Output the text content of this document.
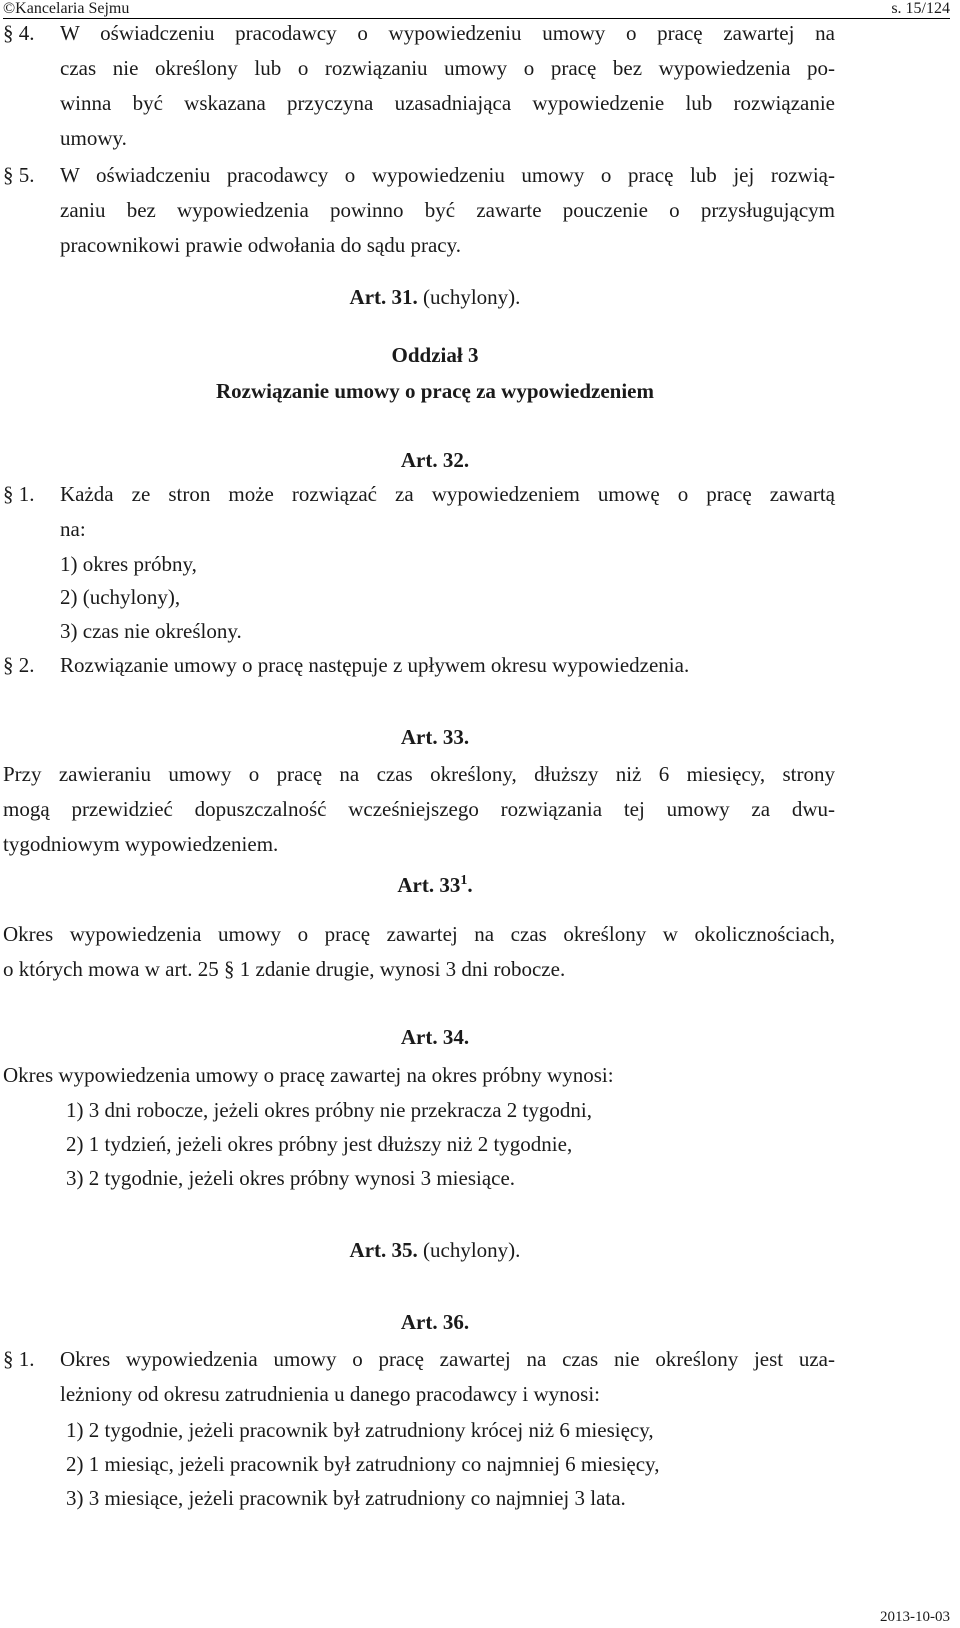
©Kancelaria Sejmu	s. 15/124
§ 4. W oświadczeniu pracodawcy o wypowiedzeniu umowy o pracę zawartej na
czas nie określony lub o rozwiązaniu umowy o pracę bez wypowiedzenia po-
winna być wskazana przyczyna uzasadniająca wypowiedzenie lub rozwiązanie
umowy.
§ 5. W oświadczeniu pracodawcy o wypowiedzeniu umowy o pracę lub jej rozwią-
zaniu bez wypowiedzenia powinno być zawarte pouczenie o przysługującym
pracownikowi prawie odwołania do sądu pracy.
Art. 31. (uchylony).
Oddział 3
Rozwiązanie umowy o pracę za wypowiedzeniem
Art. 32.
§ 1. Każda ze stron może rozwiązać za wypowiedzeniem umowę o pracę zawartą
na:
1) okres próbny,
2) (uchylony),
3) czas nie określony.
§ 2. Rozwiązanie umowy o pracę następuje z upływem okresu wypowiedzenia.
Art. 33.
Przy zawieraniu umowy o pracę na czas określony, dłuższy niż 6 miesięcy, strony
mogą przewidzieć dopuszczalność wcześniejszego rozwiązania tej umowy za dwu-
tygodniowym wypowiedzeniem.
Art. $33^1$.
Okres wypowiedzenia umowy o pracę zawartej na czas określony w okolicznościach,
o których mowa w art. 25 § 1 zdanie drugie, wynosi 3 dni robocze.
Art. 34.
Okres wypowiedzenia umowy o pracę zawartej na okres próbny wynosi:
1) 3 dni robocze, jeżeli okres próbny nie przekracza 2 tygodni,
2) 1 tydzień, jeżeli okres próbny jest dłuższy niż 2 tygodnie,
3) 2 tygodnie, jeżeli okres próbny wynosi 3 miesiące.
Art. 35. (uchylony).
Art. 36.
§ 1. Okres wypowiedzenia umowy o pracę zawartej na czas nie określony jest uza-
leżniony od okresu zatrudnienia u danego pracodawcy i wynosi:
1) 2 tygodnie, jeżeli pracownik był zatrudniony krócej niż 6 miesięcy,
2) 1 miesiąc, jeżeli pracownik był zatrudniony co najmniej 6 miesięcy,
3) 3 miesiące, jeżeli pracownik był zatrudniony co najmniej 3 lata.
2013-10-03
